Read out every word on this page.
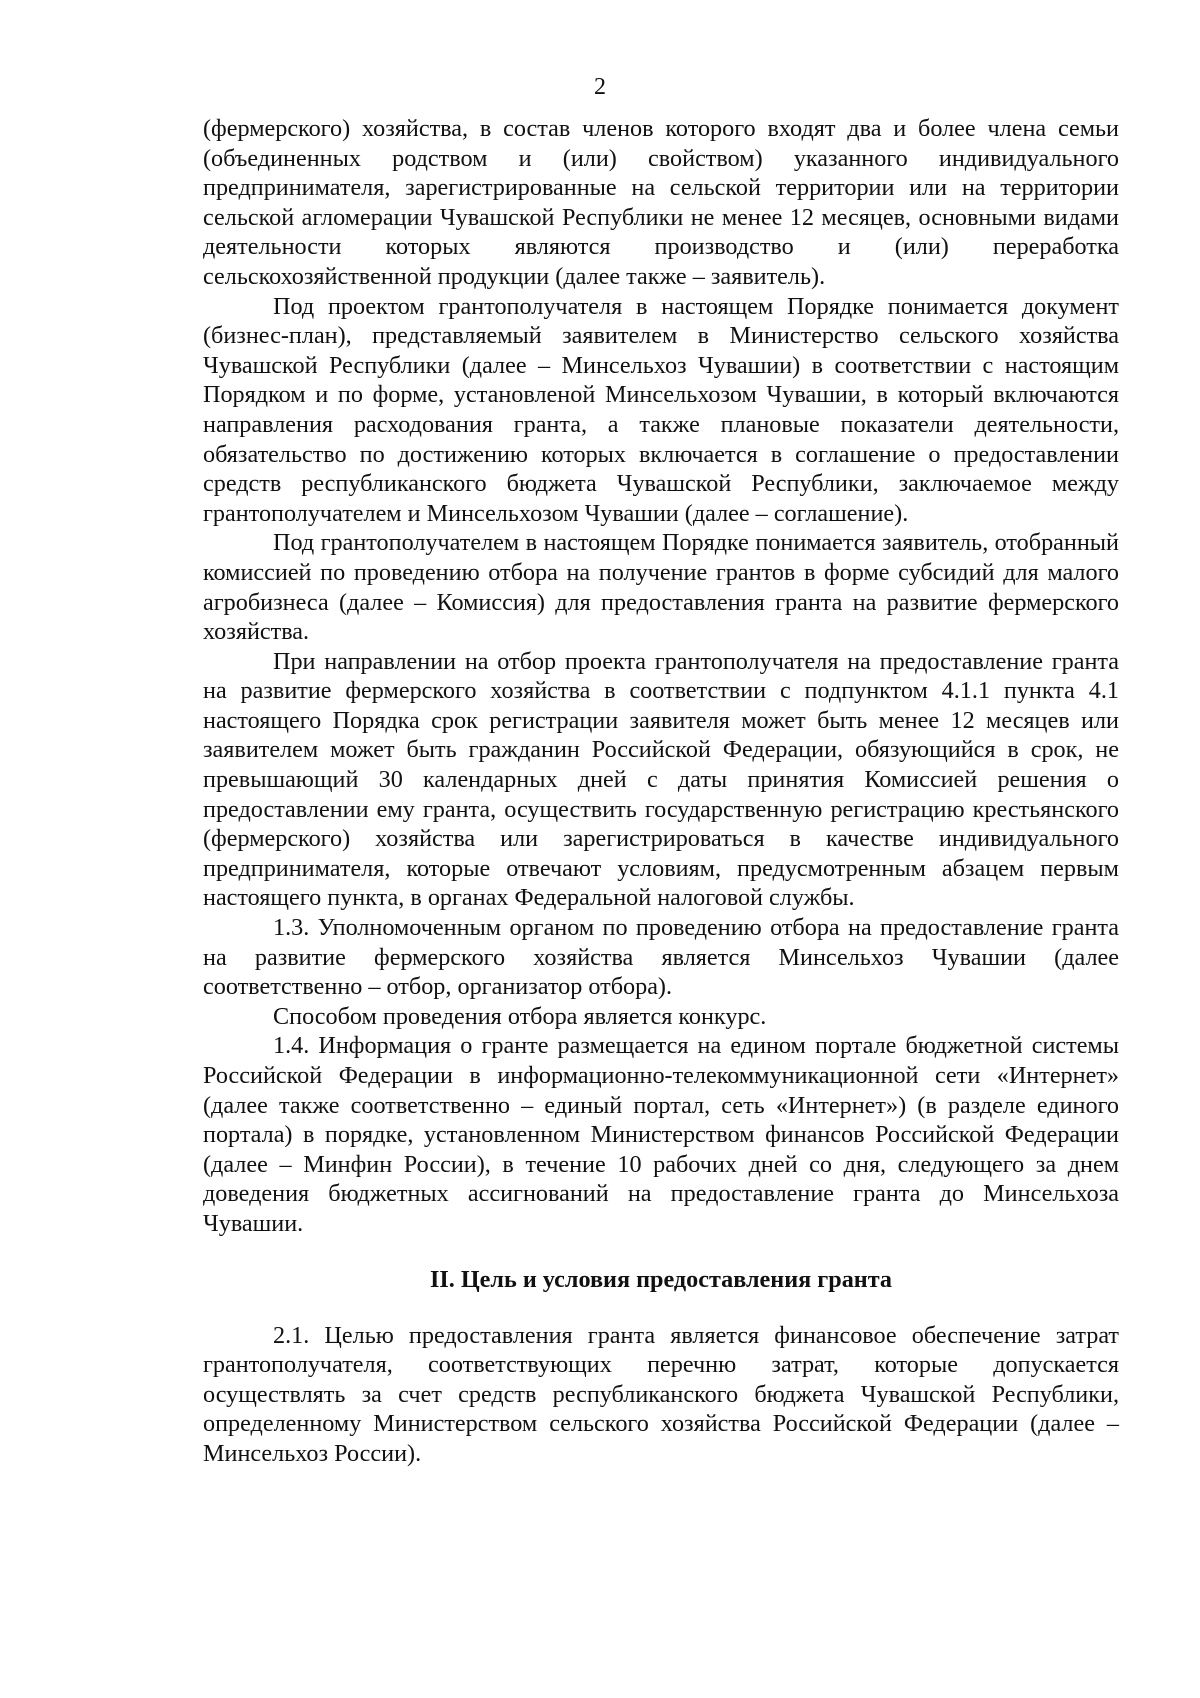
2

(фермерского) хозяйства, в состав членов которого входят два и более члена семьи (объединенных родством и (или) свойством) указанного индивидуального предпринимателя, зарегистрированные на сельской территории или на территории сельской агломерации Чувашской Республики не менее 12 месяцев, основными видами деятельности которых являются производство и (или) переработка сельскохозяйственной продукции (далее также – заявитель).

Под проектом грантополучателя в настоящем Порядке понимается документ (бизнес-план), представляемый заявителем в Министерство сельского хозяйства Чувашской Республики (далее – Минсельхоз Чувашии) в соответствии с настоящим Порядком и по форме, установленой Минсельхозом Чувашии, в который включаются направления расходования гранта, а также плановые показатели деятельности, обязательство по достижению которых включается в соглашение о предоставлении средств республиканского бюджета Чувашской Республики, заключаемое между грантополучателем и Минсельхозом Чувашии (далее – соглашение).

Под грантополучателем в настоящем Порядке понимается заявитель, отобранный комиссией по проведению отбора на получение грантов в форме субсидий для малого агробизнеса (далее – Комиссия) для предоставления гранта на развитие фермерского хозяйства.

При направлении на отбор проекта грантополучателя на предоставление гранта на развитие фермерского хозяйства в соответствии с подпунктом 4.1.1 пункта 4.1 настоящего Порядка срок регистрации заявителя может быть менее 12 месяцев или заявителем может быть гражданин Российской Федерации, обязующийся в срок, не превышающий 30 календарных дней с даты принятия Комиссией решения о предоставлении ему гранта, осуществить государственную регистрацию крестьянского (фермерского) хозяйства или зарегистрироваться в качестве индивидуального предпринимателя, которые отвечают условиям, предусмотренным абзацем первым настоящего пункта, в органах Федеральной налоговой службы.

1.3. Уполномоченным органом по проведению отбора на предоставление гранта на развитие фермерского хозяйства является Минсельхоз Чувашии (далее соответственно – отбор, организатор отбора).

Способом проведения отбора является конкурс.

1.4. Информация о гранте размещается на едином портале бюджетной системы Российской Федерации в информационно-телекоммуникационной сети «Интернет» (далее также соответственно – единый портал, сеть «Интернет») (в разделе единого портала) в порядке, установленном Министерством финансов Российской Федерации (далее – Минфин России), в течение 10 рабочих дней со дня, следующего за днем доведения бюджетных ассигнований на предоставление гранта до Минсельхоза Чувашии.

II. Цель и условия предоставления гранта

2.1. Целью предоставления гранта является финансовое обеспечение затрат грантополучателя, соответствующих перечню затрат, которые допускается осуществлять за счет средств республиканского бюджета Чувашской Республики, определенному Министерством сельского хозяйства Российской Федерации (далее – Минсельхоз России).
